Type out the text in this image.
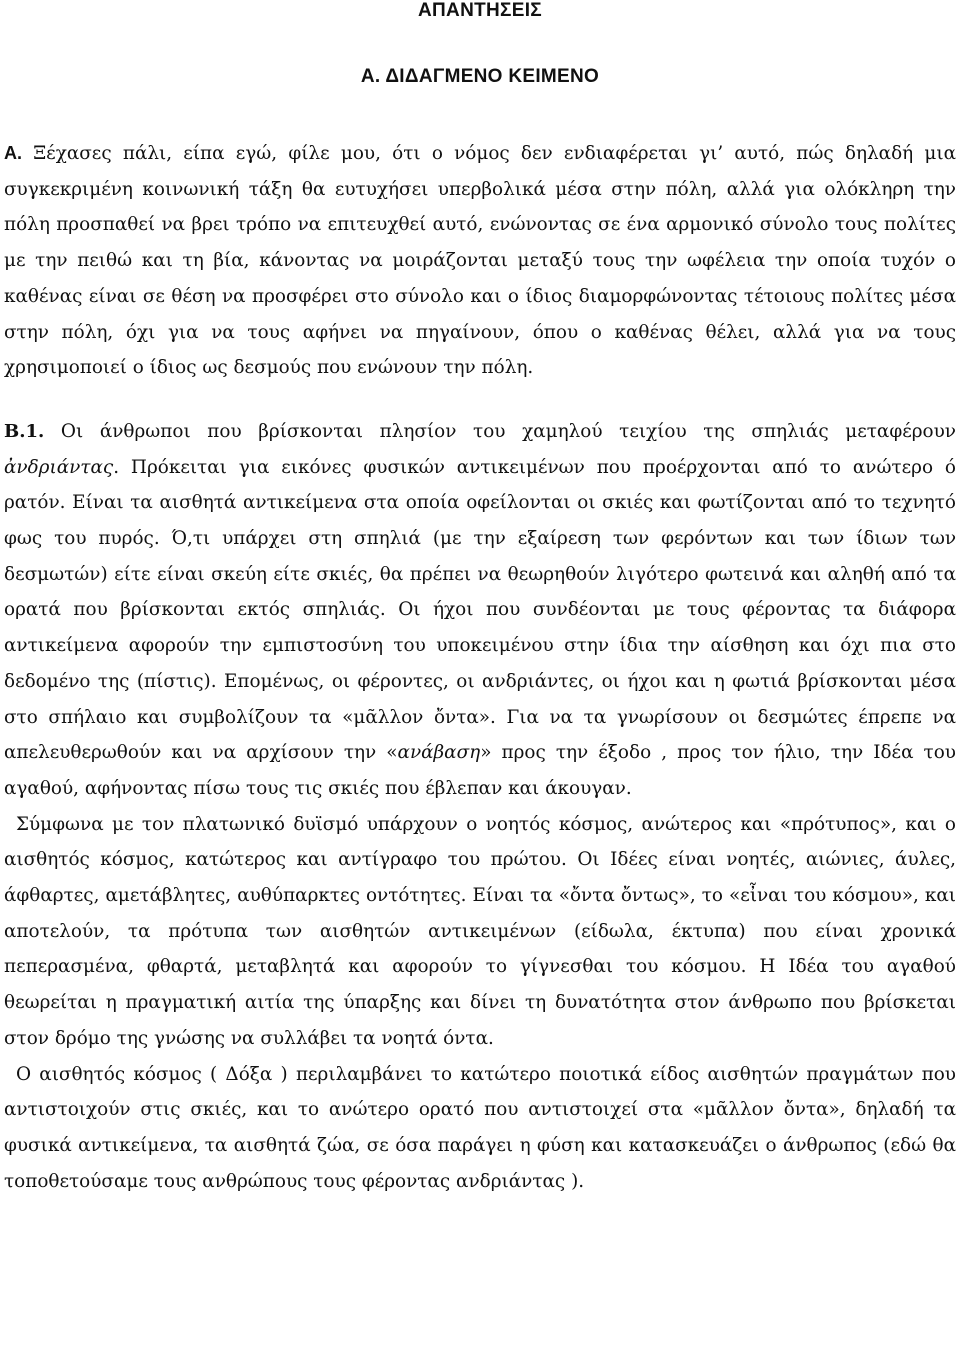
ΑΠΑΝΤΗΣΕΙΣ
Α. ΔΙΔΑΓΜΕΝΟ ΚΕΙΜΕΝΟ

Α. Ξέχασες πάλι, είπα εγώ, φίλε μου, ότι ο νόμος δεν ενδιαφέρεται γι’ αυτό, πώς δηλαδή μια συγκεκριμένη κοινωνική τάξη θα ευτυχήσει υπερβολικά μέσα στην πόλη, αλλά για ολόκληρη την πόλη προσπαθεί να βρει τρόπο να επιτευχθεί αυτό, ενώνοντας σε ένα αρμονικό σύνολο τους πολίτες με την πειθώ και τη βία, κάνοντας να μοιράζονται μεταξύ τους την ωφέλεια την οποία τυχόν ο καθένας είναι σε θέση να προσφέρει στο σύνολο και ο ίδιος διαμορφώνοντας τέτοιους πολίτες μέσα στην πόλη, όχι για να τους αφήνει να πηγαίνουν, όπου ο καθένας θέλει, αλλά για να τους χρησιμοποιεί ο ίδιος ως δεσμούς που ενώνουν την πόλη.

Β.1. Οι άνθρωποι που βρίσκονται πλησίον του χαμηλού τειχίου της σπηλιάς μεταφέρουν ἀνδριάντας. Πρόκειται για εικόνες φυσικών αντικειμένων που προέρχονται από το ανώτερο ό ρατόν. Είναι τα αισθητά αντικείμενα στα οποία οφείλονται οι σκιές και φωτίζονται από το τεχνητό φως του πυρός. Ό,τι υπάρχει στη σπηλιά (με την εξαίρεση των φερόντων και των ίδιων των δεσμωτών) είτε είναι σκεύη είτε σκιές, θα πρέπει να θεωρηθούν λιγότερο φωτεινά και αληθή από τα ορατά που βρίσκονται εκτός σπηλιάς. Οι ήχοι που συνδέονται με τους φέροντας τα διάφορα αντικείμενα αφορούν την εμπιστοσύνη του υποκειμένου στην ίδια την αίσθηση και όχι πια στο δεδομένο της (πίστις). Επομένως, οι φέροντες, οι ανδριάντες, οι ήχοι και η φωτιά βρίσκονται μέσα στο σπήλαιο και συμβολίζουν τα «μᾶλλον ὄντα». Για να τα γνωρίσουν οι δεσμώτες έπρεπε να απελευθερωθούν και να αρχίσουν την «ανάβαση» προς την έξοδο , προς τον ήλιο, την Ιδέα του αγαθού, αφήνοντας πίσω τους τις σκιές που έβλεπαν και άκουγαν.

Σύμφωνα με τον πλατωνικό δυϊσμό υπάρχουν ο νοητός κόσμος, ανώτερος και «πρότυπος», και ο αισθητός κόσμος, κατώτερος και αντίγραφο του πρώτου. Οι Ιδέες είναι νοητές, αιώνιες, άυλες, άφθαρτες, αμετάβλητες, αυθύπαρκτες οντότητες. Είναι τα «ὄντα ὄντως», το «εἶναι του κόσμου», και αποτελούν, τα πρότυπα των αισθητών αντικειμένων (είδωλα, έκτυπα) που είναι χρονικά πεπερασμένα, φθαρτά, μεταβλητά και αφορούν το γίγνεσθαι του κόσμου. Η Ιδέα του αγαθού θεωρείται η πραγματική αιτία της ύπαρξης και δίνει τη δυνατότητα στον άνθρωπο που βρίσκεται στον δρόμο της γνώσης να συλλάβει τα νοητά όντα.

Ο αισθητός κόσμος ( Δόξα ) περιλαμβάνει το κατώτερο ποιοτικά είδος αισθητών πραγμάτων που αντιστοιχούν στις σκιές, και το ανώτερο ορατό που αντιστοιχεί στα «μᾶλλον ὄντα», δηλαδή τα φυσικά αντικείμενα, τα αισθητά ζώα, σε όσα παράγει η φύση και κατασκευάζει ο άνθρωπος (εδώ θα τοποθετούσαμε τους ανθρώπους τους φέροντας ανδριάντας ).
